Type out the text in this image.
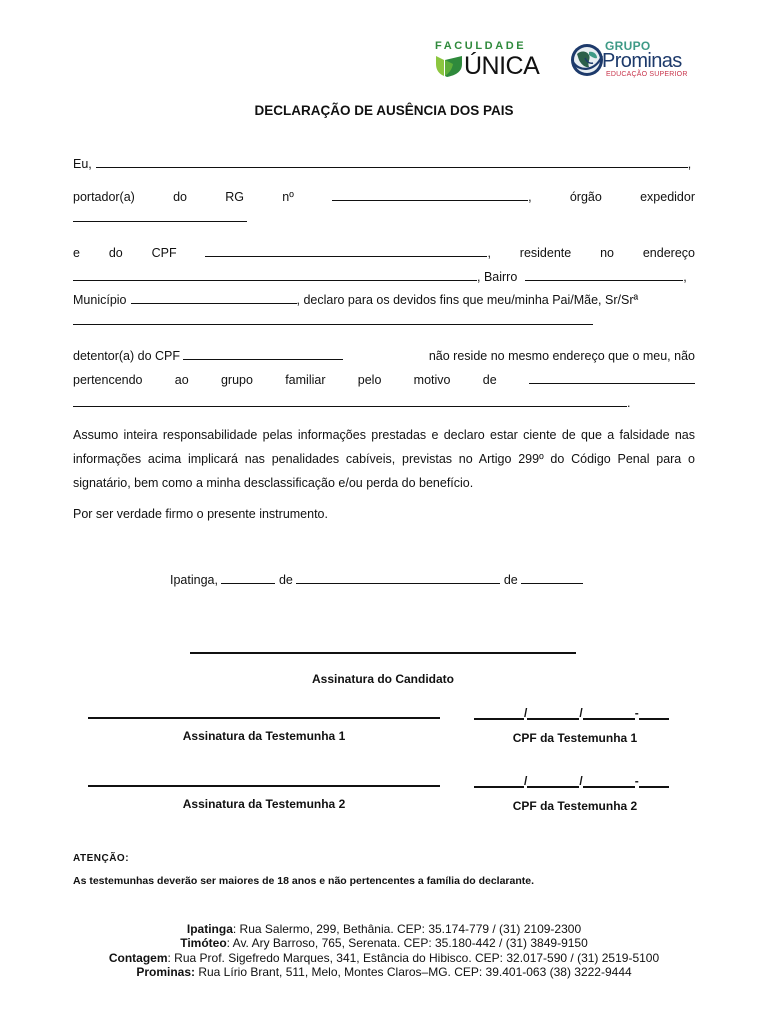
FACULDADE
ÚNICA
GRUPO
Prominas
EDUCAÇÃO SUPERIOR
DECLARAÇÃO DE AUSÊNCIA DOS PAIS
Eu,	,
portador(a)	do	RG	nº	,	órgão	expedidor
e do CPF	, residente no endereço
, Bairro	,
Município	, declaro para os devidos fins que meu/minha Pai/Mãe, Sr/Srª
detentor(a) do CPF	não reside no mesmo endereço que o meu, não
pertencendo	ao	grupo	familiar	pelo	motivo	de
.
Assumo inteira responsabilidade pelas informações prestadas e declaro estar ciente de que a falsidade nas informações acima implicará nas penalidades cabíveis, previstas no Artigo 299º do Código Penal para o signatário, bem como a minha desclassificação e/ou perda do benefício.
Por ser verdade firmo o presente instrumento.
Ipatinga,	de	de
Assinatura do Candidato
Assinatura da Testemunha 1
/	/	-
CPF da Testemunha 1
Assinatura da Testemunha 2
/	/	-
CPF da Testemunha 2
ATENÇÃO:
As testemunhas deverão ser maiores de 18 anos e não pertencentes a família do declarante.
Ipatinga: Rua Salermo, 299, Bethânia. CEP: 35.174-779 / (31) 2109-2300
Timóteo: Av. Ary Barroso, 765, Serenata. CEP: 35.180-442 / (31) 3849-9150
Contagem: Rua Prof. Sigefredo Marques, 341, Estância do Hibisco. CEP: 32.017-590 / (31) 2519-5100
Prominas: Rua Lírio Brant, 511, Melo, Montes Claros–MG. CEP: 39.401-063 (38) 3222-9444
